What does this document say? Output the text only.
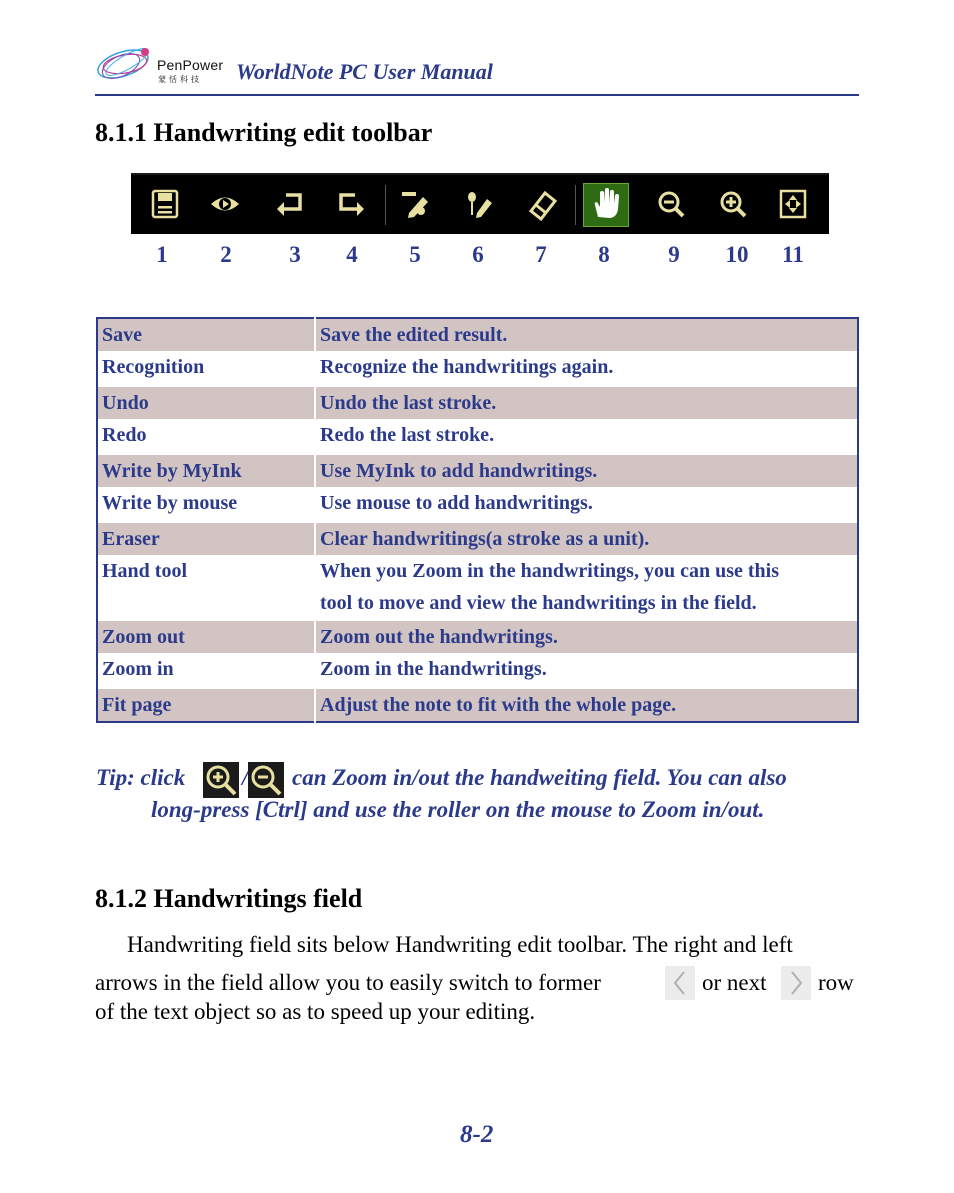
PenPower
蒙恬科技 WorldNote PC User Manual
8.1.1 Handwriting edit toolbar
1 2	3 4 5 6 7 8	9 10 11
Save	Save the edited result.
Recognition	Recognize the handwritings again.
Undo	Undo the last stroke.
Redo	Redo the last stroke.
Write by MyInk	Use MyInk to add handwritings.
Write by mouse	Use mouse to add handwritings.
Eraser	Clear handwritings(a stroke as a unit).
Hand tool	When you Zoom in the handwritings, you can use this
tool to move and view the handwritings in the field.

Zoom out	Zoom out the handwritings.
Zoom in	Zoom in the handwritings.
Fit page	Adjust the note to fit with the whole page.
Tip: click / can Zoom in/out the handweiting field. You can also
long-press [Ctrl] and use the roller on the mouse to Zoom in/out.
8.1.2 Handwritings field
Handwriting field sits below Handwriting edit toolbar. The right and left
arrows in the field allow you to easily switch to former	or next row
of the text object so as to speed up your editing.
8-2
